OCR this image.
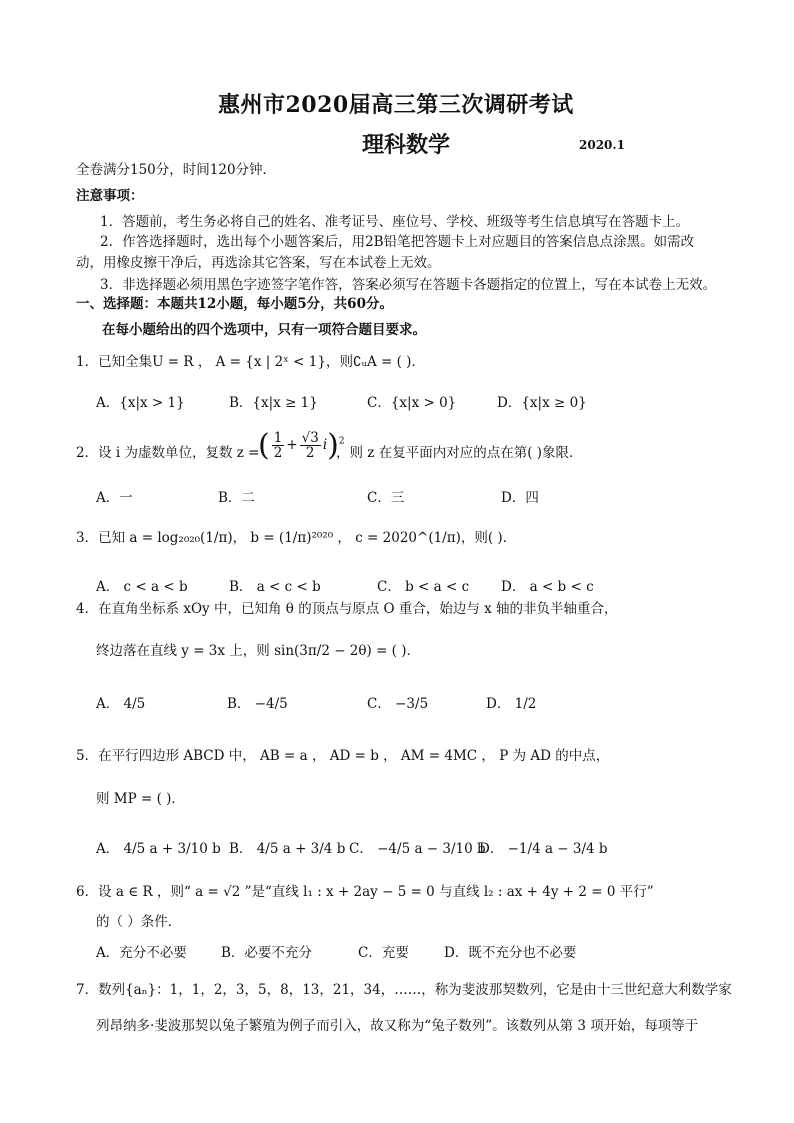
惠州市2020届高三第三次调研考试
理科数学	2020.1
全卷满分150分，时间120分钟．
注意事项：
1．答题前，考生务必将自己的姓名、准考证号、座位号、学校、班级等考生信息填写在答题卡上。
2．作答选择题时，选出每个小题答案后，用2B铅笔把答题卡上对应题目的答案信息点涂黑。如需改
动，用橡皮擦干净后，再选涂其它答案，写在本试卷上无效。
3．非选择题必须用黑色字迹签字笔作答，答案必须写在答题卡各题指定的位置上，写在本试卷上无效。
一、选择题：本题共12小题，每小题5分，共60分。
在每小题给出的四个选项中，只有一项符合题目要求。
1．已知全集U = R ， A = {x | 2ˣ < 1}，则∁ᵤA = ( )．
A．{x|x > 1}	B．{x|x ≥ 1}	C．{x|x > 0}	D．{x|x ≥ 0}
2．设 i 为虚数单位，复数 z =
( $\frac{1}{2} + \frac{√3}{2} i)^2$
，则 z 在复平面内对应的点在第( )象限．
A．一	B．二	C．三	D．四
3．已知 a = log₂₀₂₀(1/π)， b = (1/π)²⁰²⁰ ， c = 2020^(1/π)，则( )．
A． c < a < b	B． a < c < b	C． b < a < c D． a < b < c
4．在直角坐标系 xOy 中，已知角 θ 的顶点与原点 O 重合，始边与 x 轴的非负半轴重合，
终边落在直线 y = 3x 上，则 sin(3π/2 − 2θ) = ( )．
A． 4/5	B． −4/5	C． −3/5	D． 1/2
5．在平行四边形 ABCD 中， AB = a ， AD = b ， AM = 4MC ， P 为 AD 的中点，
则 MP = ( )．
A． 4/5 a + 3/10 b B． 4/5 a + 3/4 b C． −4/5 a − 3/10 b
D． −1/4 a − 3/4 b
6．设 a ∈ R ，则“ a = √2 ”是“直线 l₁ : x + 2ay − 5 = 0 与直线 l₂ : ax + 4y + 2 = 0 平行”
的（ ）条件．
A．充分不必要	B．必要不充分	C．充要	D．既不充分也不必要
7．数列{aₙ}：1，1，2，3，5，8，13，21，34，……，称为斐波那契数列，它是由十三世纪意大利数学家
列昂纳多·斐波那契以兔子繁殖为例子而引入，故又称为“兔子数列”。该数列从第 3 项开始，每项等于
